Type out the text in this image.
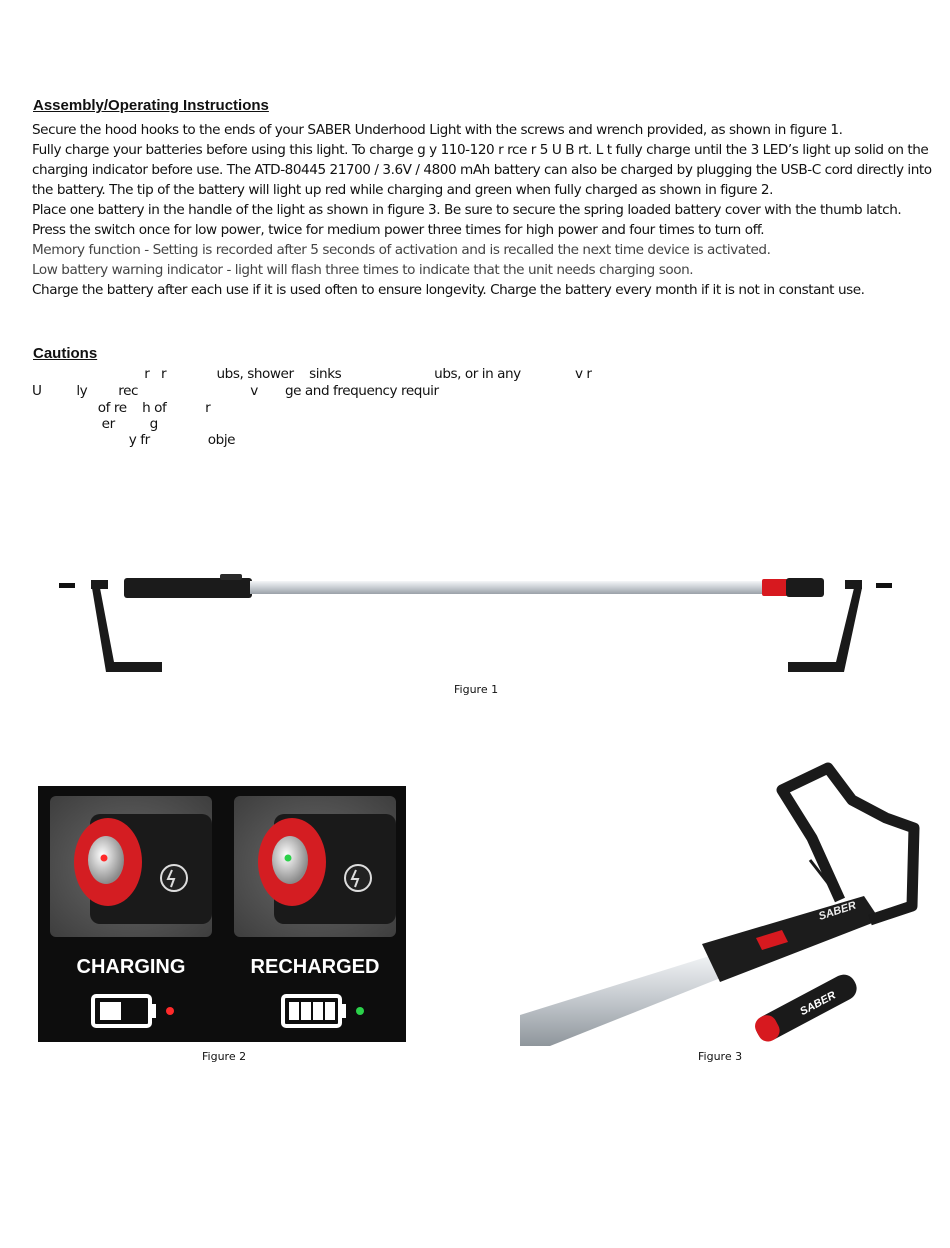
Assembly/Operating Instructions

Secure the hood hooks to the ends of your SABER Underhood Light with the screws and wrench provided, as shown in figure 1.

Fully charge your batteries before using this light. To charge g y 110-120 r rce r 5 U B rt. L t fully charge until the 3 LED’s light up solid on the charging indicator before use. The ATD-80445 21700 / 3.6V / 4800 mAh battery can also be charged by plugging the USB-C cord directly into the battery. The tip of the battery will light up red while charging and green when fully charged as shown in figure 2.

Place one battery in the handle of the light as shown in figure 3. Be sure to secure the spring loaded battery cover with the thumb latch.

Press the switch once for low power, twice for medium power three times for high power and four times to turn off.

Memory function - Setting is recorded after 5 seconds of activation and is recalled the next time device is activated.

Low battery warning indicator - light will flash three times to indicate that the unit needs charging soon.

Charge the battery after each use if it is used often to ensure longevity. Charge the battery every month if it is not in constant use.

Cautions
r   r             ubs, shower    sinks                        ubs, or in any              v r
U         ly        rec                             v       ge and frequency requir
of re    h of          r
er         g
y fr               obje
Figure 1
CHARGING	RECHARGED
Figure 2
SABER
SABER
Figure 3
